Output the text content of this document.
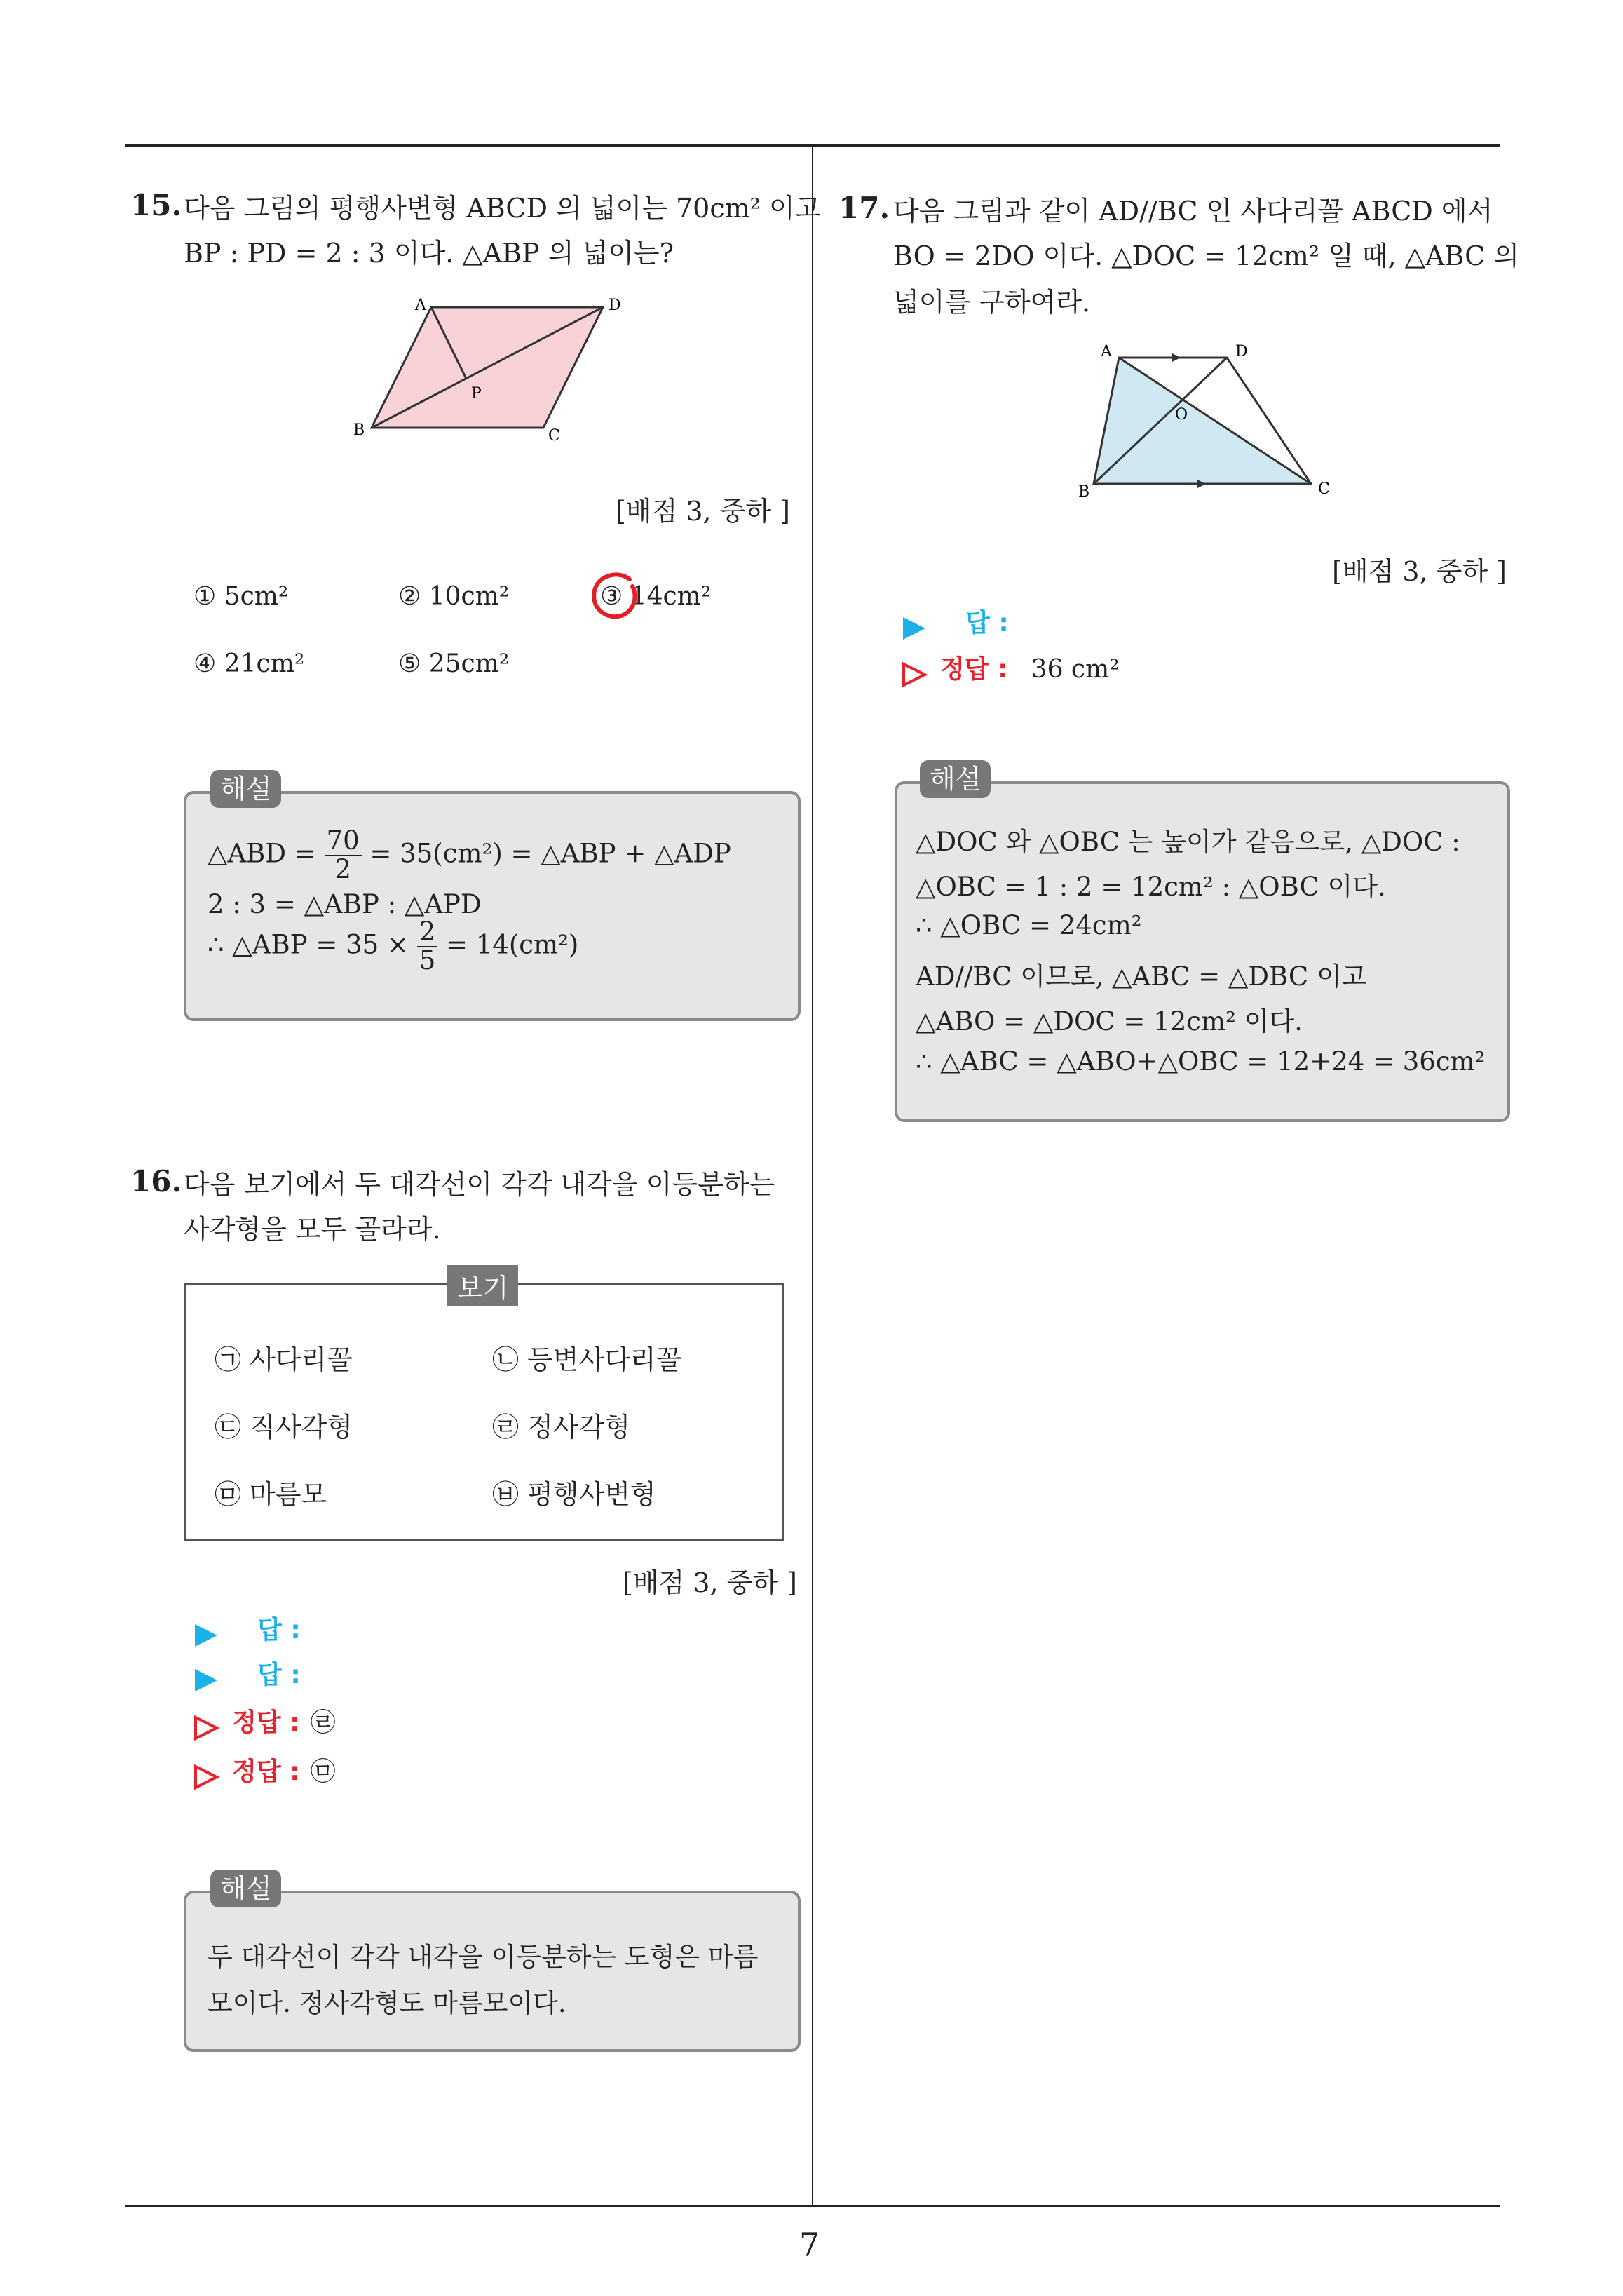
7
15. 다음 그림의 평행사변형 ABCD 의 넓이는 70cm² 이고
BP : PD = 2 : 3 이다. △ABP 의 넓이는?
A	D
B	C
P
[배점 3, 중하 ]
① 5cm²	② 10cm²	③ 14cm²
④ 21cm²	⑤ 25cm²
해설
△ABD = $\frac{70}{2} = 35(cm^2)$ = △ABP + △ADP
2 : 3 = △ABP : △APD
∴ △ABP = $35 \times \frac{2}{5} = 14(cm^2)$
16. 다음 보기에서 두 대각선이 각각 내각을 이등분하는
사각형을 모두 골라라.
보기
㉠ 사다리꼴	㉡ 등변사다리꼴
㉢ 직사각형	㉣ 정사각형
㉤ 마름모	㉥ 평행사변형
[배점 3, 중하 ]
답 :
답 :
정답 : ㉣
정답 : ㉤
해설
두 대각선이 각각 내각을 이등분하는 도형은 마름
모이다. 정사각형도 마름모이다.
17. 다음 그림과 같이 AD//BC 인 사다리꼴 ABCD 에서
BO = 2DO 이다. △DOC = 12cm² 일 때, △ABC 의
넓이를 구하여라.
A	D
B	C
O
[배점 3, 중하 ]
답 :
정답 : 36 cm²
해설
△DOC 와 △OBC 는 높이가 같음으로, △DOC :
△OBC = 1 : 2 = 12cm² : △OBC 이다.
∴ △OBC = 24cm²
AD//BC 이므로, △ABC = △DBC 이고
△ABO = △DOC = 12cm² 이다.
∴ △ABC = △ABO+△OBC = 12+24 = 36cm²
